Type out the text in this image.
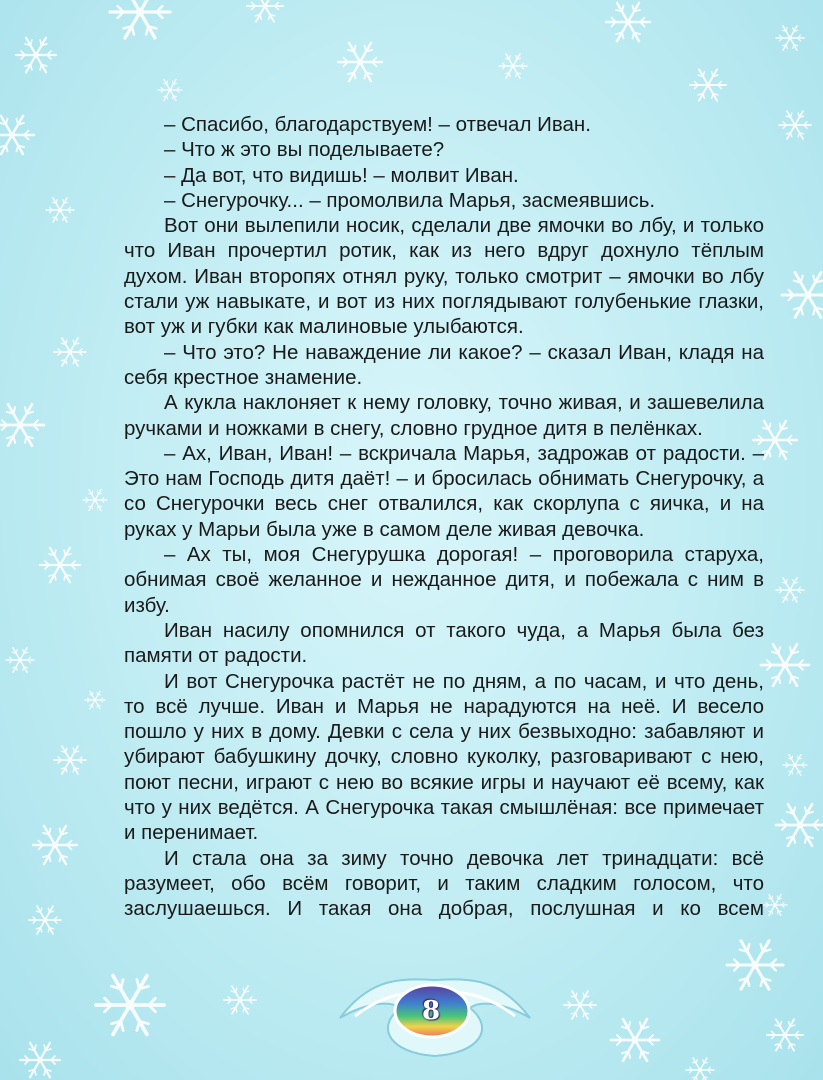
– Спасибо, благодарствуем! – отвечал Иван.

– Что ж это вы поделываете?

– Да вот, что видишь! – молвит Иван.

– Снегурочку... – промолвила Марья, засмеявшись.

Вот они вылепили носик, сделали две ямочки во лбу, и только что Иван прочертил ротик, как из него вдруг дохнуло тёплым духом. Иван второпях отнял руку, только смотрит – ямочки во лбу стали уж навыкате, и вот из них поглядывают голубенькие глазки, вот уж и губки как малиновые улыбаются.

– Что это? Не наваждение ли какое? – сказал Иван, кладя на себя крестное знамение.

А кукла наклоняет к нему головку, точно живая, и зашевелила ручками и ножками в снегу, словно грудное дитя в пелёнках.

– Ах, Иван, Иван! – вскричала Марья, задрожав от радости. – Это нам Господь дитя даёт! – и бросилась обнимать Снегурочку, а со Снегурочки весь снег отвалился, как скорлупа с яичка, и на руках у Марьи была уже в самом деле живая девочка.

– Ах ты, моя Снегурушка дорогая! – проговорила старуха, обнимая своё желанное и нежданное дитя, и побежала с ним в избу.

Иван насилу опомнился от такого чуда, а Марья была без памяти от радости.

И вот Снегурочка растёт не по дням, а по часам, и что день, то всё лучше. Иван и Марья не нарадуются на неё. И весело пошло у них в дому. Девки с села у них безвыходно: забавляют и убирают бабушкину дочку, словно куколку, разговаривают с нею, поют песни, играют с нею во всякие игры и научают её всему, как что у них ведётся. А Снегурочка такая смышлёная: все примечает и перенимает.

И стала она за зиму точно девочка лет тринадцати: всё разумеет, обо всём говорит, и таким сладким голосом, что заслушаешься. И такая она добрая, послушная и ко всем

8
